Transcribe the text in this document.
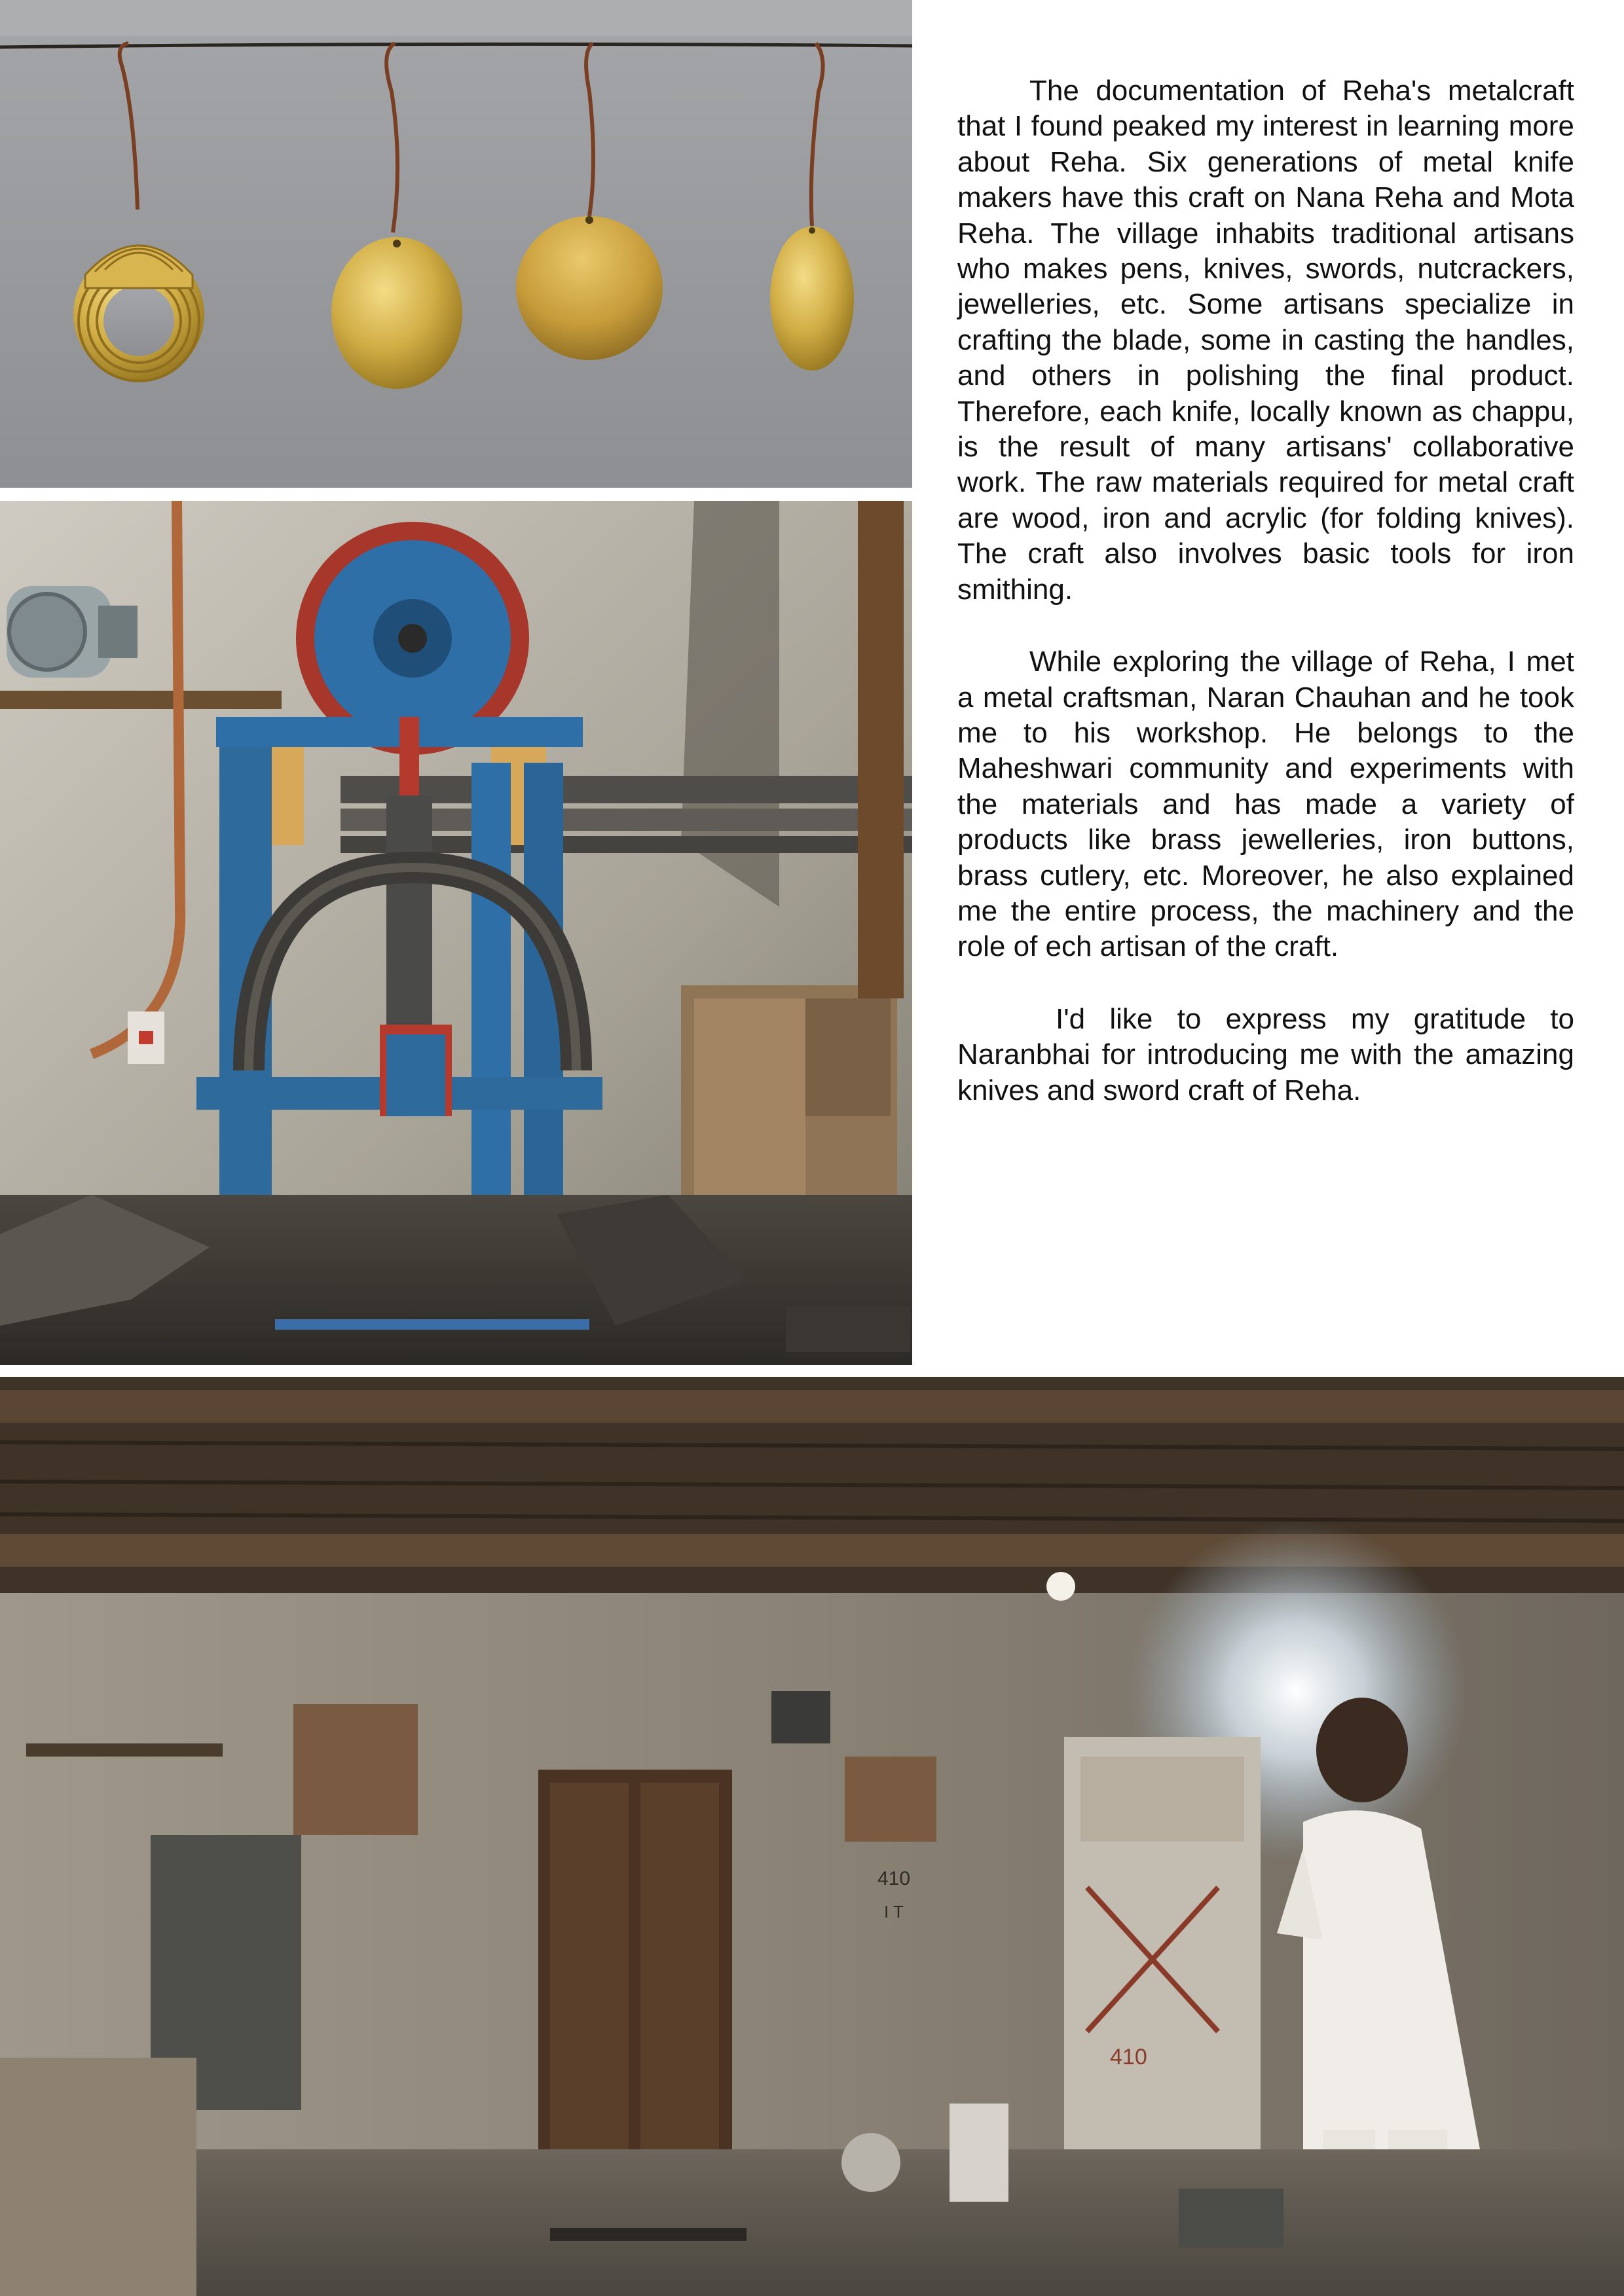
The documentation of Reha's metalcraft that I found peaked my interest in learning more about Reha. Six generations of metal knife makers have this craft on Nana Reha and Mota Reha. The village inhabits traditional artisans who makes pens, knives, swords, nutcrackers, jewelleries, etc. Some artisans specialize in crafting the blade, some in casting the handles, and others in polishing the final product. Therefore, each knife, locally known as chappu, is the result of many artisans' collaborative work. The raw materials required for metal craft are wood, iron and acrylic (for folding knives). The craft also involves basic tools for iron smithing.

While exploring the village of Reha, I met a metal craftsman, Naran Chauhan and he took me to his workshop. He belongs to the Maheshwari community and experiments with the materials and has made a variety of products like brass jewelleries, iron buttons, brass cutlery, etc. Moreover, he also explained me the entire process, the machinery and the role of ech artisan of the craft.

I'd like to express my gratitude to Naranbhai for introducing me with the amazing knives and sword craft of Reha.

410
410
I T
